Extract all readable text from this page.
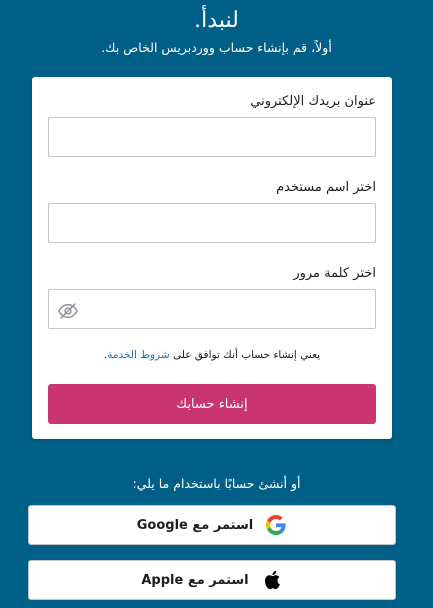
لنبدأ.
أولاً، قم بإنشاء حساب ووردبريس الخاص بك.
عنوان بريدك الإلكتروني
اختر اسم مستخدم
اختر كلمة مرور
يعني إنشاء حساب أنك توافق على شروط الخدمة.
إنشاء حسابك
أو أنشئ حسابًا باستخدام ما يلي:
استمر مع Google
استمر مع Apple
